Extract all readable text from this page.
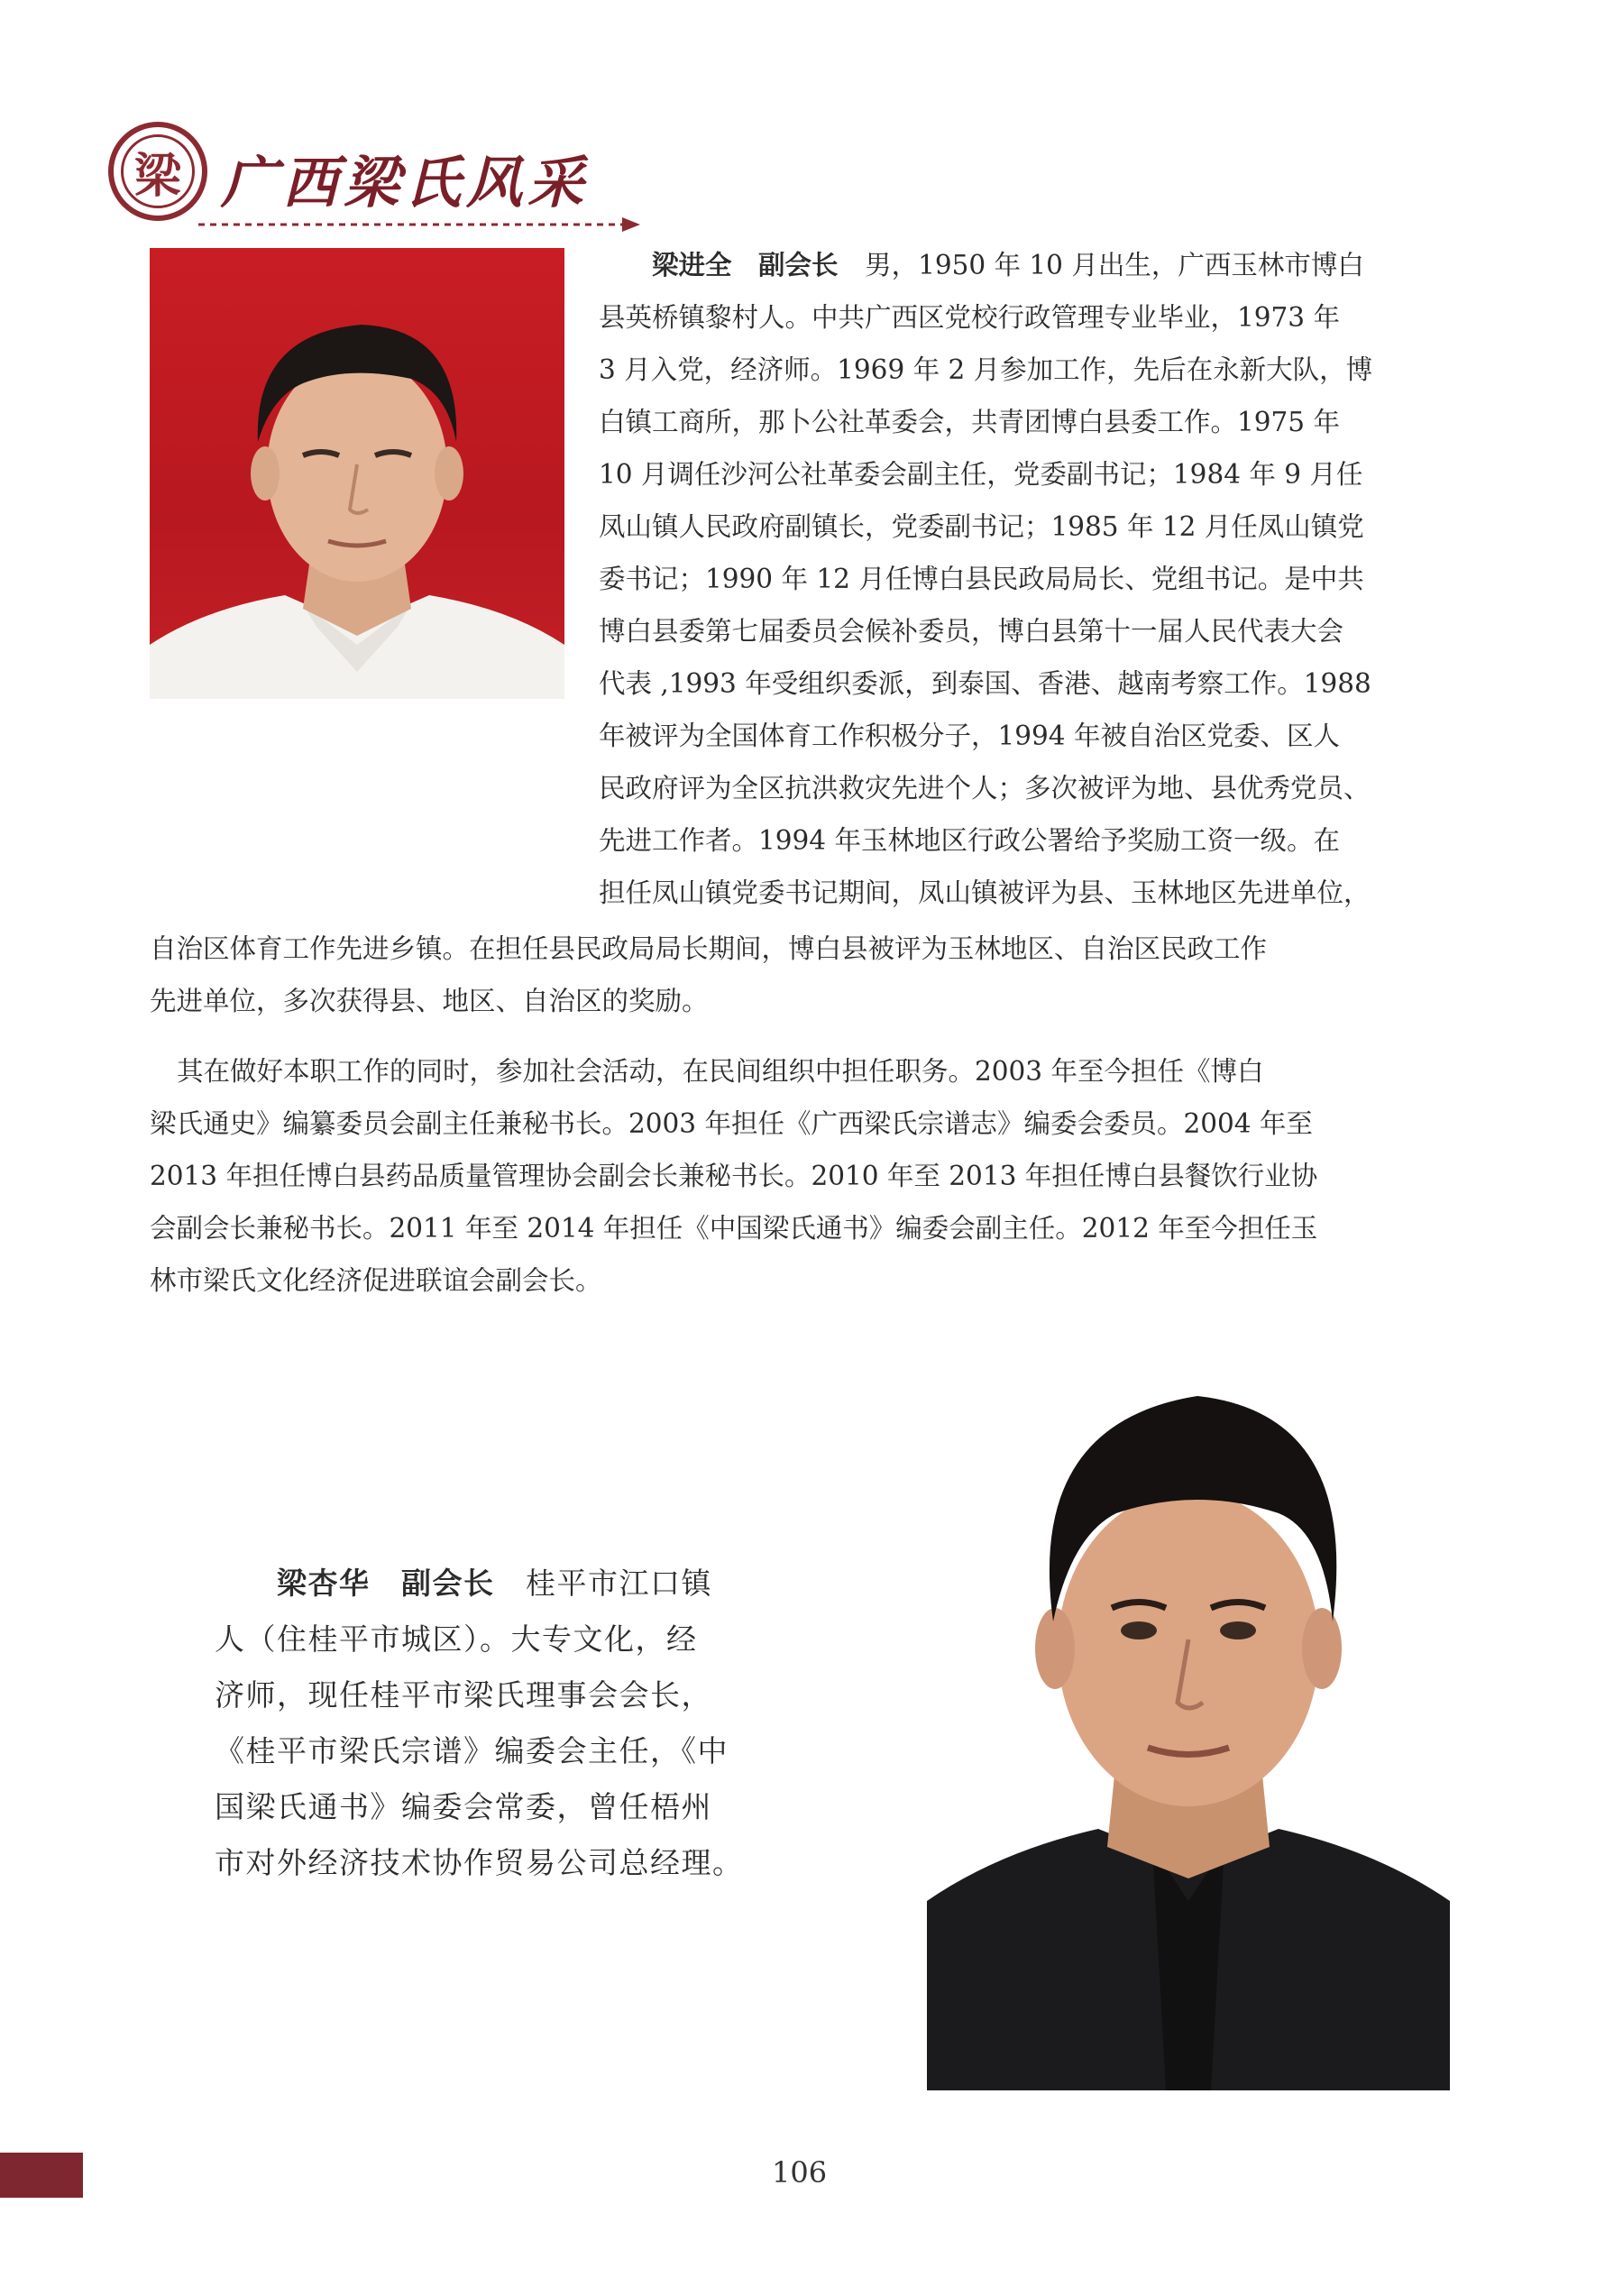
梁 广西梁氏风采
　　梁进全　 副会长　 男，1950 年 10 月出生，广西玉林市博白
县英桥镇黎村人。中共广西区党校行政管理专业毕业，1973 年
3 月入党，经济师。1969 年 2 月参加工作，先后在永新大队，博
白镇工商所，那卜公社革委会，共青团博白县委工作。1975 年
10 月调任沙河公社革委会副主任，党委副书记；1984 年 9 月任
凤山镇人民政府副镇长，党委副书记；1985 年 12 月任凤山镇党
委书记；1990 年 12 月任博白县民政局局长、党组书记。是中共
博白县委第七届委员会候补委员，博白县第十一届人民代表大会
代表 ,1993 年受组织委派，到泰国、香港、越南考察工作。1988
年被评为全国体育工作积极分子，1994 年被自治区党委、区人
民政府评为全区抗洪救灾先进个人；多次被评为地、县优秀党员、
先进工作者。1994 年玉林地区行政公署给予奖励工资一级。在
担任凤山镇党委书记期间，凤山镇被评为县、玉林地区先进单位，
自治区体育工作先进乡镇。在担任县民政局局长期间，博白县被评为玉林地区、自治区民政工作
先进单位，多次获得县、地区、自治区的奖励。
其在做好本职工作的同时，参加社会活动，在民间组织中担任职务。2003 年至今担任《博白
梁氏通史》编纂委员会副主任兼秘书长。2003 年担任《广西梁氏宗谱志》编委会委员。2004 年至
2013 年担任博白县药品质量管理协会副会长兼秘书长。2010 年至 2013 年担任博白县餐饮行业协
会副会长兼秘书长。2011 年至 2014 年担任《中国梁氏通书》编委会副主任。2012 年至今担任玉
林市梁氏文化经济促进联谊会副会长。
　　梁杏华　 副会长　 桂平市江口镇
人（住桂平市城区）。大专文化，经
济师，现任桂平市梁氏理事会会长，
《桂平市梁氏宗谱》编委会主任，《中
国梁氏通书》编委会常委，曾任梧州
市对外经济技术协作贸易公司总经理。
106
